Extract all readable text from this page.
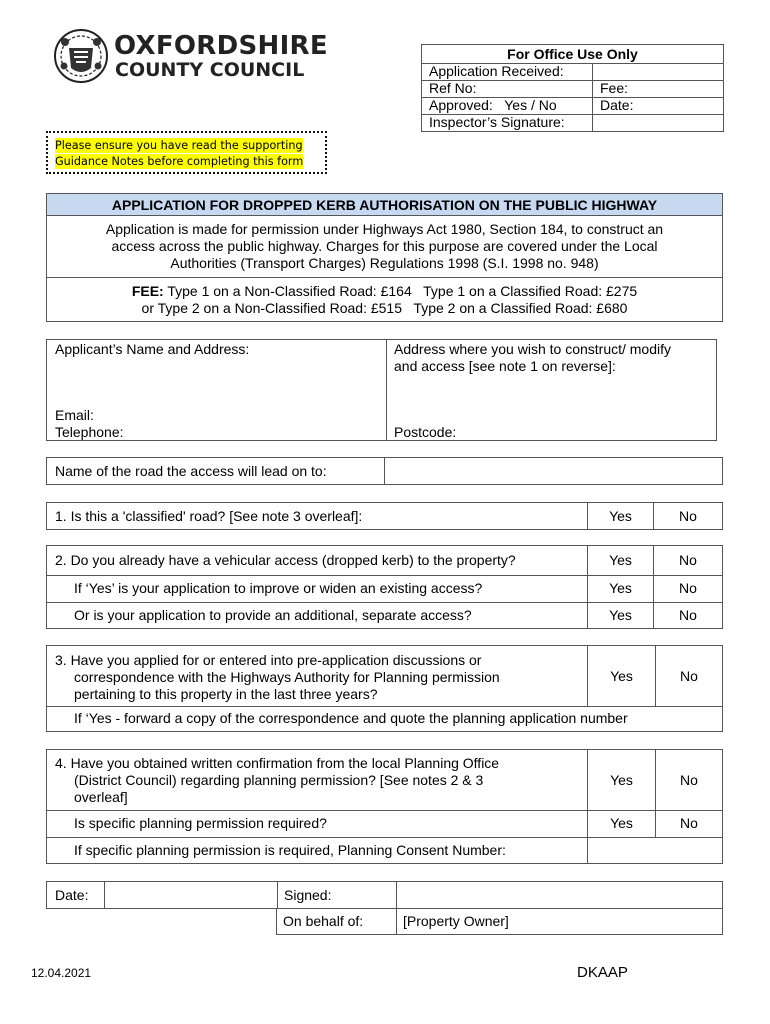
OXFORDSHIRE
COUNTY COUNCIL
For Office Use Only
Application Received:
Ref No:	Fee:
Approved:   Yes / No	Date:
Inspector’s Signature:
Please ensure you have read the supporting
Guidance Notes before completing this form
APPLICATION FOR DROPPED KERB AUTHORISATION ON THE PUBLIC HIGHWAY
Application is made for permission under Highways Act 1980, Section 184, to construct an
access across the public highway. Charges for this purpose are covered under the Local
Authorities (Transport Charges) Regulations 1998 (S.I. 1998 no. 948)
FEE: Type 1 on a Non-Classified Road: £164   Type 1 on a Classified Road: £275
or Type 2 on a Non-Classified Road: £515   Type 2 on a Classified Road: £680
Applicant’s Name and Address:
Email:
Telephone:
Address where you wish to construct/ modify
and access [see note 1 on reverse]:
Postcode:
Name of the road the access will lead on to:
1. Is this a 'classified' road? [See note 3 overleaf]:	Yes	No
2. Do you already have a vehicular access (dropped kerb) to the property?	Yes	No
If ‘Yes’ is your application to improve or widen an existing access?	Yes	No
Or is your application to provide an additional, separate access?	Yes	No
3. Have you applied for or entered into pre-application discussions or
correspondence with the Highways Authority for Planning permission
pertaining to this property in the last three years?
Yes	No
If ‘Yes - forward a copy of the correspondence and quote the planning application number
4. Have you obtained written confirmation from the local Planning Office
(District Council) regarding planning permission? [See notes 2 & 3
overleaf]
Yes	No
Is specific planning permission required?	Yes	No
If specific planning permission is required, Planning Consent Number:
Date:	Signed:
On behalf of:	[Property Owner]
12.04.2021	DKAAP
